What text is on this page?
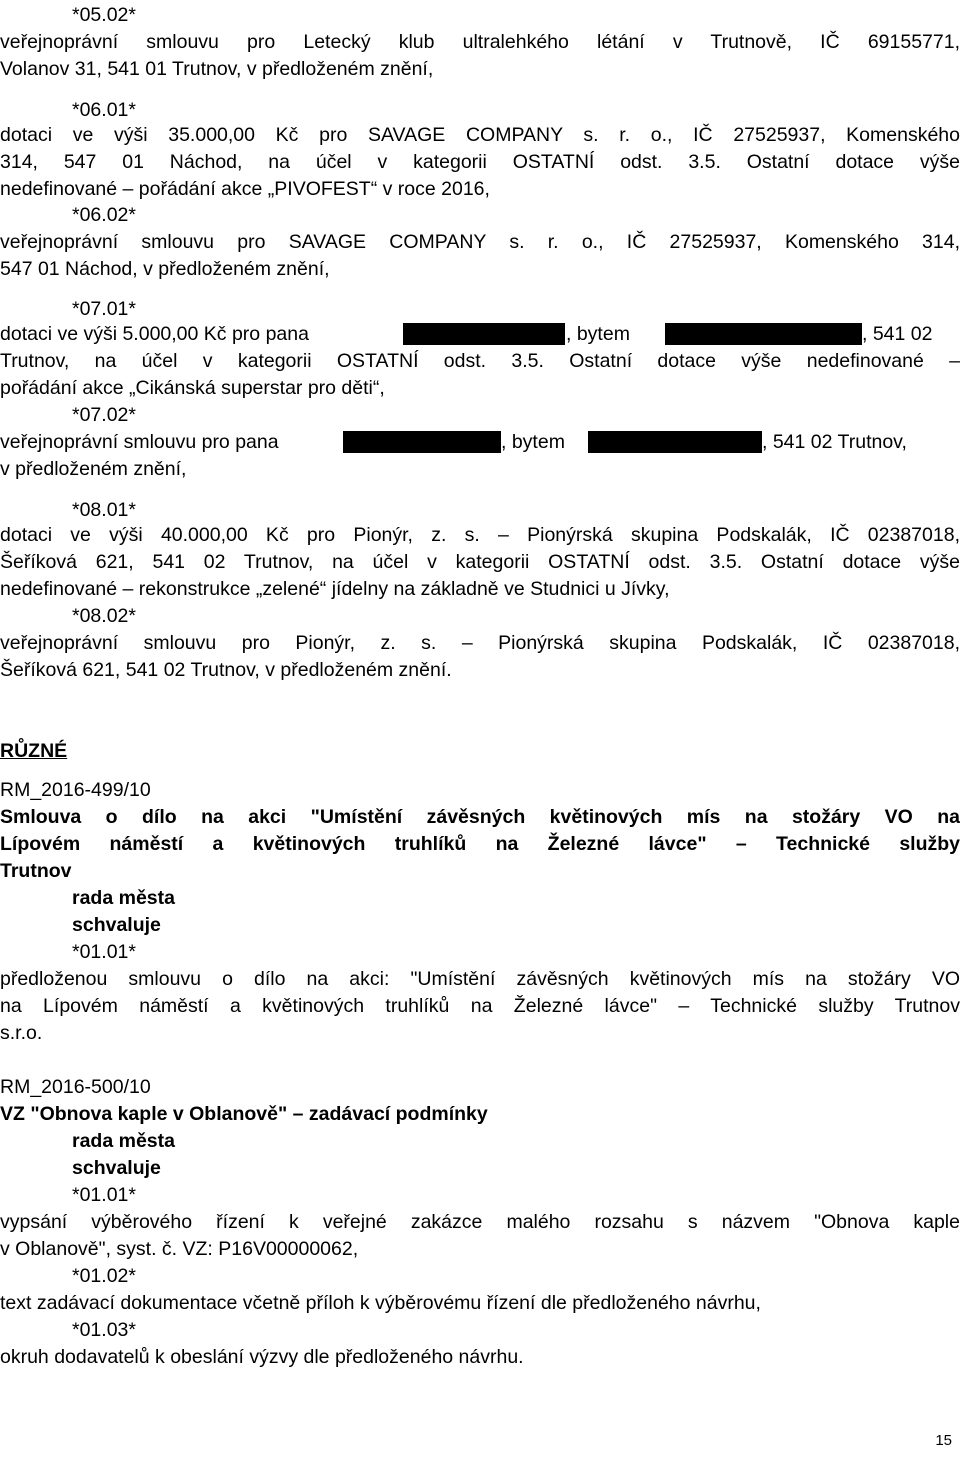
*05.02*
veřejnoprávní smlouvu pro Letecký klub ultralehkého létání v Trutnově, IČ 69155771,
Volanov 31, 541 01 Trutnov, v předloženém znění,
*06.01*
dotaci ve výši 35.000,00 Kč pro SAVAGE COMPANY s. r. o., IČ 27525937, Komenského
314, 547 01 Náchod, na účel v kategorii OSTATNÍ odst. 3.5. Ostatní dotace výše
nedefinované – pořádání akce „PIVOFEST“ v roce 2016,
*06.02*
veřejnoprávní smlouvu pro SAVAGE COMPANY s. r. o., IČ 27525937, Komenského 314,
547 01 Náchod, v předloženém znění,
*07.01*
dotaci ve výši 5.000,00 Kč pro pana	, bytem	, 541 02
Trutnov, na účel v kategorii OSTATNÍ odst. 3.5. Ostatní dotace výše nedefinované –
pořádání akce „Cikánská superstar pro děti“,
*07.02*
veřejnoprávní smlouvu pro pana	, bytem	, 541 02 Trutnov,
v předloženém znění,
*08.01*
dotaci ve výši 40.000,00 Kč pro Pionýr, z. s. – Pionýrská skupina Podskalák, IČ 02387018,
Šeříková 621, 541 02 Trutnov, na účel v kategorii OSTATNÍ odst. 3.5. Ostatní dotace výše
nedefinované – rekonstrukce „zelené“ jídelny na základně ve Studnici u Jívky,
*08.02*
veřejnoprávní smlouvu pro Pionýr, z. s. – Pionýrská skupina Podskalák, IČ 02387018,
Šeříková 621, 541 02 Trutnov, v předloženém znění.
RŮZNÉ
RM_2016-499/10
Smlouva o dílo na akci "Umístění závěsných květinových mís na stožáry VO na
Lípovém náměstí a květinových truhlíků na Železné lávce" – Technické služby
Trutnov
rada města
schvaluje
*01.01*
předloženou smlouvu o dílo na akci: "Umístění závěsných květinových mís na stožáry VO
na Lípovém náměstí a květinových truhlíků na Železné lávce" – Technické služby Trutnov
s.r.o.
RM_2016-500/10
VZ "Obnova kaple v Oblanově" – zadávací podmínky
rada města
schvaluje
*01.01*
vypsání výběrového řízení k veřejné zakázce malého rozsahu s názvem "Obnova kaple
v Oblanově", syst. č. VZ: P16V00000062,
*01.02*
text zadávací dokumentace včetně příloh k výběrovému řízení dle předloženého návrhu,
*01.03*
okruh dodavatelů k obeslání výzvy dle předloženého návrhu.
15
